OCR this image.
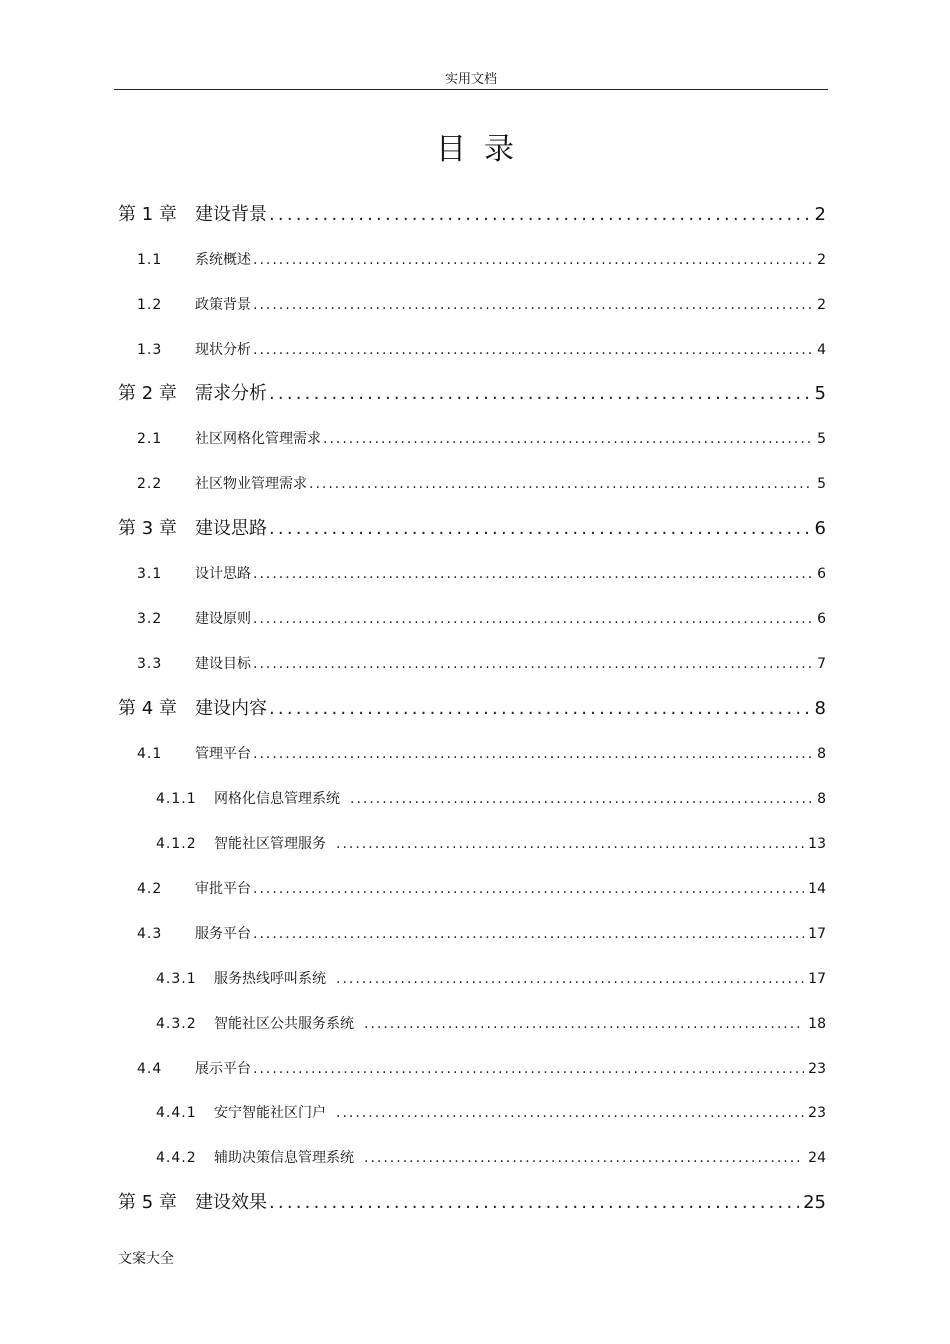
实用文档
目录
第 1 章	建设背景 .....	2
1.1	系统概述 .....	2
1.2	政策背景 .....	2
1.3	现状分析 .....	4
第 2 章	需求分析 .....	5
2.1	社区网格化管理需求 .....	5
2.2	社区物业管理需求 .....	5
第 3 章	建设思路 .....	6
3.1	设计思路 .....	6
3.2	建设原则 .....	6
3.3	建设目标 .....	7
第 4 章	建设内容 .....	8
4.1	管理平台 .....	8
4.1.1	网格化信息管理系统 .....	8
4.1.2	智能社区管理服务 .....	13
4.2	审批平台 .....	14
4.3	服务平台 .....	17
4.3.1	服务热线呼叫系统 .....	17
4.3.2	智能社区公共服务系统 .....	18
4.4	展示平台 .....	23
4.4.1	安宁智能社区门户 .....	23
4.4.2	辅助决策信息管理系统 .....	24
第 5 章	建设效果 .....	25
文案大全
